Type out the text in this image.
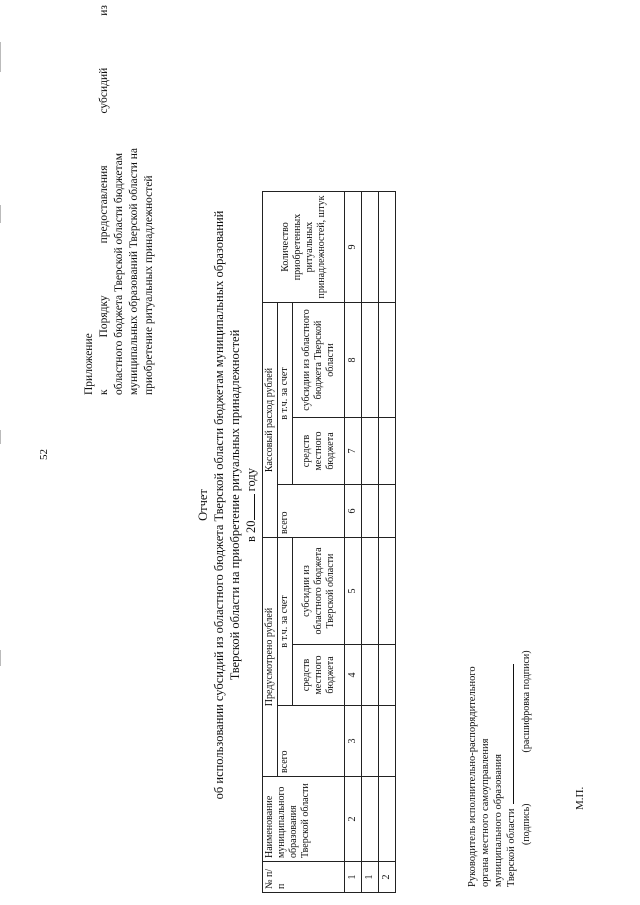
52
Приложение к
Порядку
предоставления
субсидий
из
областного бюджета Тверской области бюджетам муниципальных образований Тверской области на приобретение ритуальных принадлежностей
Отчет об использовании субсидий из областного бюджета Тверской области бюджетам муниципальных образований Тверской области на приобретение ритуальных принадлежностей в 20 году
№ п/п	Наименование муниципального образования Тверской области	Предусмотрено рублей			Кассовый расход рублей			Количество приобретенных ритуальных принадлежностей, штук
		всего	в т.ч. за счет		всего	в т.ч. за счет		
			средств местного бюджета	субсидии из областного бюджета Тверской области		средств местного бюджета	субсидии из областного бюджета Тверской области	
1	2	3	4	5	6	7	8	9
1								
2									Руководитель исполнительно-распорядительного органа местного самоуправления муниципального образования Тверской области (подпись)  (расшифровка подписи)
М.П.
